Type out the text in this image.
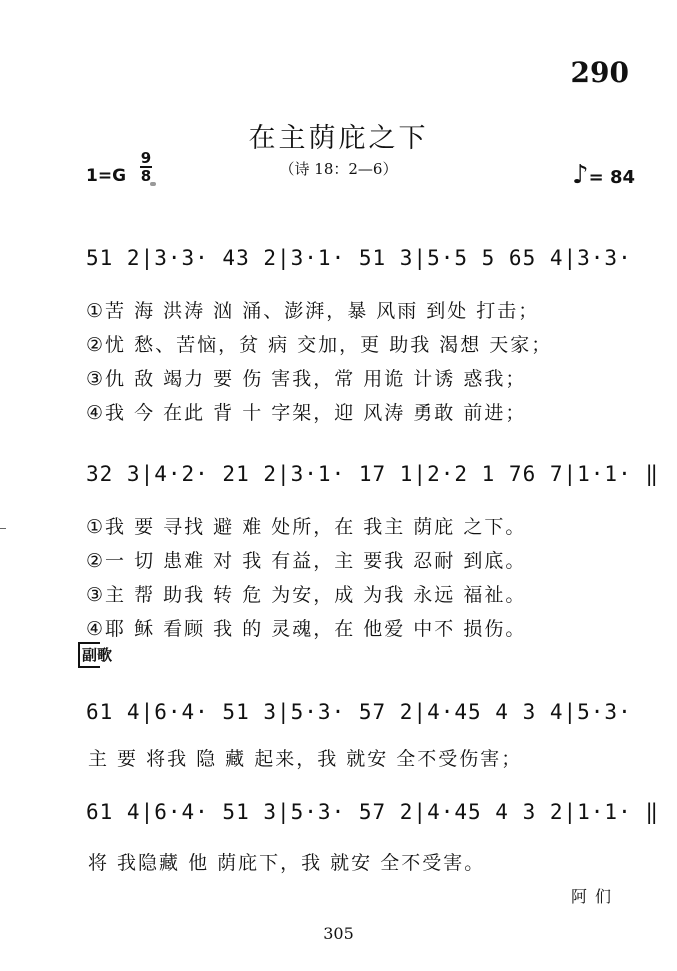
290
在主荫庇之下
（诗 18：2—6）
1=G
9
8	♪= 84
51 2|3·3· 43 2|3·1· 51 3|5·5 5 65 4|3·3·
①苦 海 洪涛 汹 涌、澎湃，暴 风雨 到处 打击；
②忧 愁、苦恼，贫 病 交加，更 助我 渴想 天家；
③仇 敌 竭力 要 伤 害我，常 用诡 计诱 惑我；
④我 今 在此 背 十 字架，迎 风涛 勇敢 前进；
32 3|4·2· 21 2|3·1· 17 1|2·2 1 76 7|1·1· ‖
①我 要 寻找 避 难 处所，在 我主 荫庇 之下。
②一 切 患难 对 我 有益，主 要我 忍耐 到底。
③主 帮 助我 转 危 为安，成 为我 永远 福祉。
④耶 稣 看顾 我 的 灵魂，在 他爱 中不 损伤。
副歌
61 4|6·4· 51 3|5·3· 57 2|4·45 4 3 4|5·3·
主 要 将我 隐 藏 起来，我 就安 全不受伤害；
61 4|6·4· 51 3|5·3· 57 2|4·45 4 3 2|1·1· ‖
将 我隐藏 他 荫庇下，我 就安 全不受害。
阿们
305
